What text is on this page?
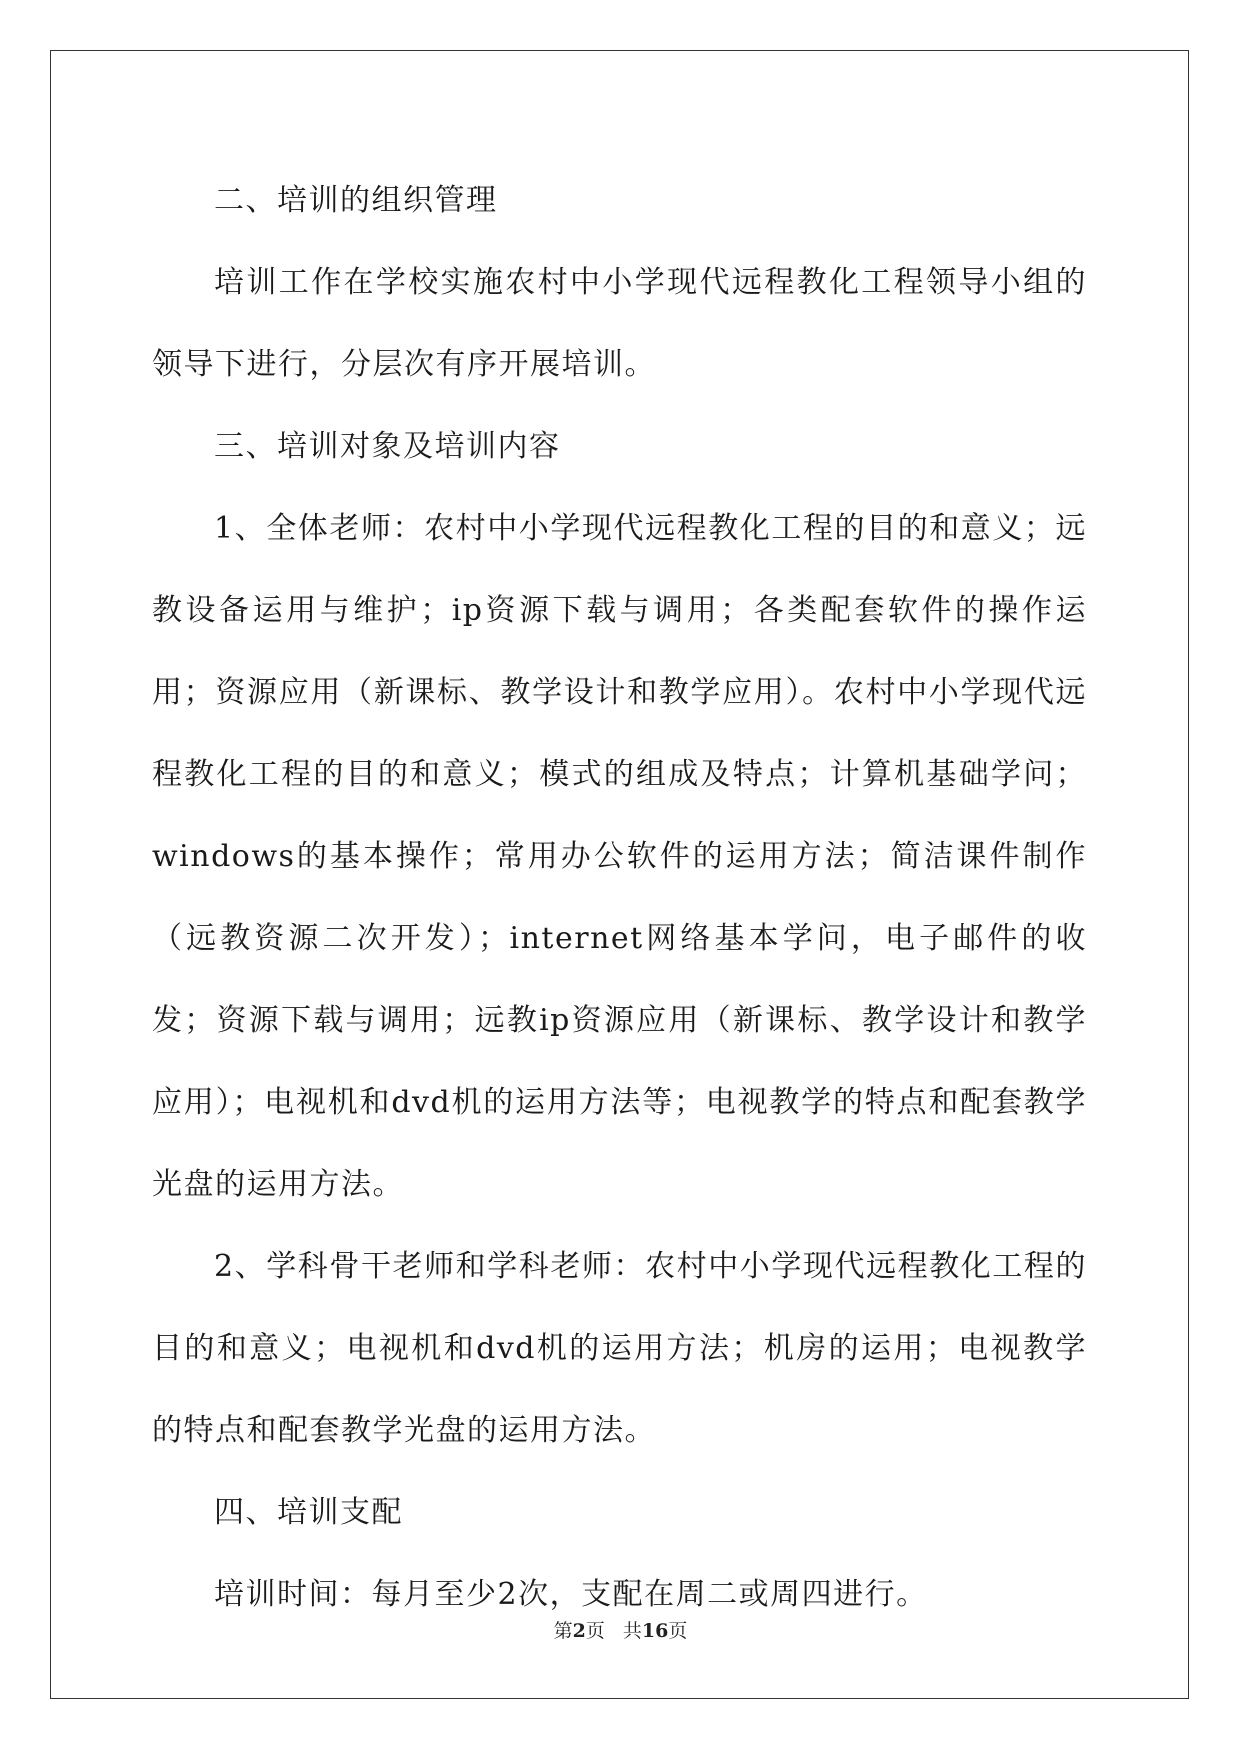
二、培训的组织管理

培训工作在学校实施农村中小学现代远程教化工程领导小组的领导下进行，分层次有序开展培训。

三、培训对象及培训内容

1、全体老师：农村中小学现代远程教化工程的目的和意义；远教设备运用与维护；ip资源下载与调用；各类配套软件的操作运用；资源应用（新课标、教学设计和教学应用）。农村中小学现代远程教化工程的目的和意义；模式的组成及特点；计算机基础学问；windows的基本操作；常用办公软件的运用方法；简洁课件制作（远教资源二次开发）；internet网络基本学问，电子邮件的收发；资源下载与调用；远教ip资源应用（新课标、教学设计和教学应用）；电视机和dvd机的运用方法等；电视教学的特点和配套教学光盘的运用方法。

2、学科骨干老师和学科老师：农村中小学现代远程教化工程的目的和意义；电视机和dvd机的运用方法；机房的运用；电视教学的特点和配套教学光盘的运用方法。

四、培训支配

培训时间：每月至少2次，支配在周二或周四进行。

第2页 共16页
